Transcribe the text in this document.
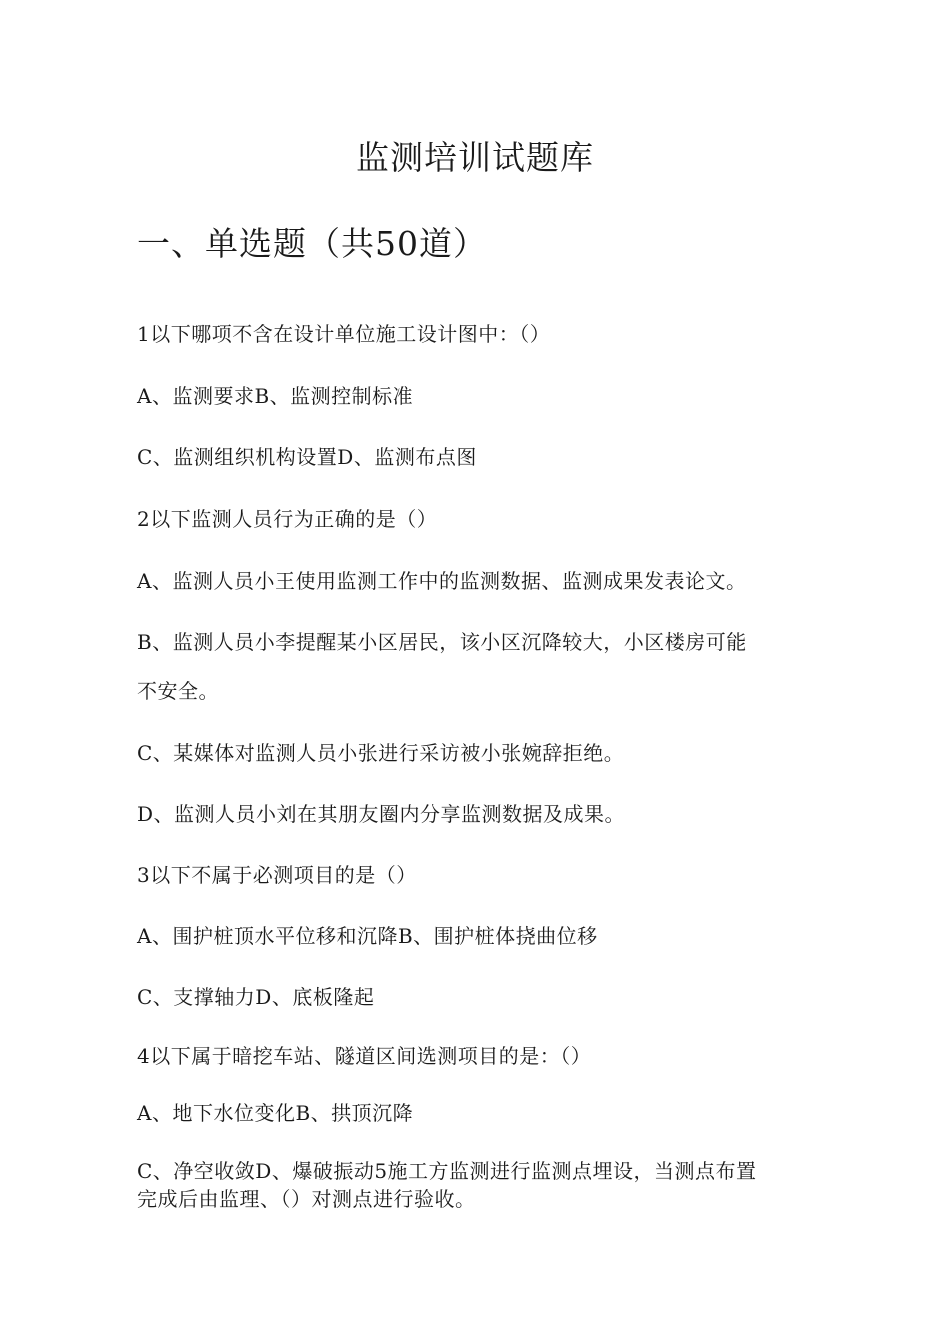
监测培训试题库
一、单选题（共50道）
1以下哪项不含在设计单位施工设计图中：（）
A、监测要求B、监测控制标准
C、监测组织机构设置D、监测布点图
2以下监测人员行为正确的是（）
A、监测人员小王使用监测工作中的监测数据、监测成果发表论文。
B、监测人员小李提醒某小区居民，该小区沉降较大，小区楼房可能
不安全。
C、某媒体对监测人员小张进行采访被小张婉辞拒绝。
D、监测人员小刘在其朋友圈内分享监测数据及成果。
3以下不属于必测项目的是（）
A、围护桩顶水平位移和沉降B、围护桩体挠曲位移
C、支撑轴力D、底板隆起
4以下属于暗挖车站、隧道区间选测项目的是：（）
A、地下水位变化B、拱顶沉降
C、净空收敛D、爆破振动5施工方监测进行监测点埋设，当测点布置
完成后由监理、（）对测点进行验收。
